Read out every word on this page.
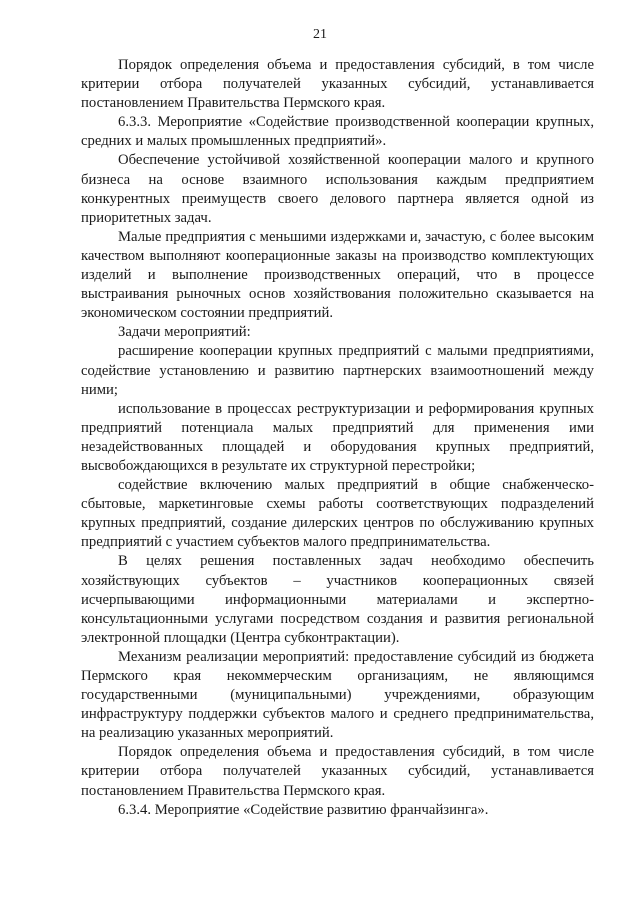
21

Порядок определения объема и предоставления субсидий, в том числе критерии отбора получателей указанных субсидий, устанавливается постановлением Правительства Пермского края.

6.3.3. Мероприятие «Содействие производственной кооперации крупных, средних и малых промышленных предприятий».

Обеспечение устойчивой хозяйственной кооперации малого и крупного бизнеса на основе взаимного использования каждым предприятием конкурентных преимуществ своего делового партнера является одной из приоритетных задач.

Малые предприятия с меньшими издержками и, зачастую, с более высоким качеством выполняют кооперационные заказы на производство комплектующих изделий и выполнение производственных операций, что в процессе выстраивания рыночных основ хозяйствования положительно сказывается на экономическом состоянии предприятий.

Задачи мероприятий:

расширение кооперации крупных предприятий с малыми предприятиями, содействие установлению и развитию партнерских взаимоотношений между ними;

использование в процессах реструктуризации и реформирования крупных предприятий потенциала малых предприятий для применения ими незадействованных площадей и оборудования крупных предприятий, высвобождающихся в результате их структурной перестройки;

содействие включению малых предприятий в общие снабженческо-сбытовые, маркетинговые схемы работы соответствующих подразделений крупных предприятий, создание дилерских центров по обслуживанию крупных предприятий с участием субъектов малого предпринимательства.

В целях решения поставленных задач необходимо обеспечить хозяйствующих субъектов – участников кооперационных связей исчерпывающими информационными материалами и экспертно-консультационными услугами посредством создания и развития региональной электронной площадки (Центра субконтрактации).

Механизм реализации мероприятий: предоставление субсидий из бюджета Пермского края некоммерческим организациям, не являющимся государственными (муниципальными) учреждениями, образующим инфраструктуру поддержки субъектов малого и среднего предпринимательства, на реализацию указанных мероприятий.

Порядок определения объема и предоставления субсидий, в том числе критерии отбора получателей указанных субсидий, устанавливается постановлением Правительства Пермского края.

6.3.4. Мероприятие «Содействие развитию франчайзинга».
